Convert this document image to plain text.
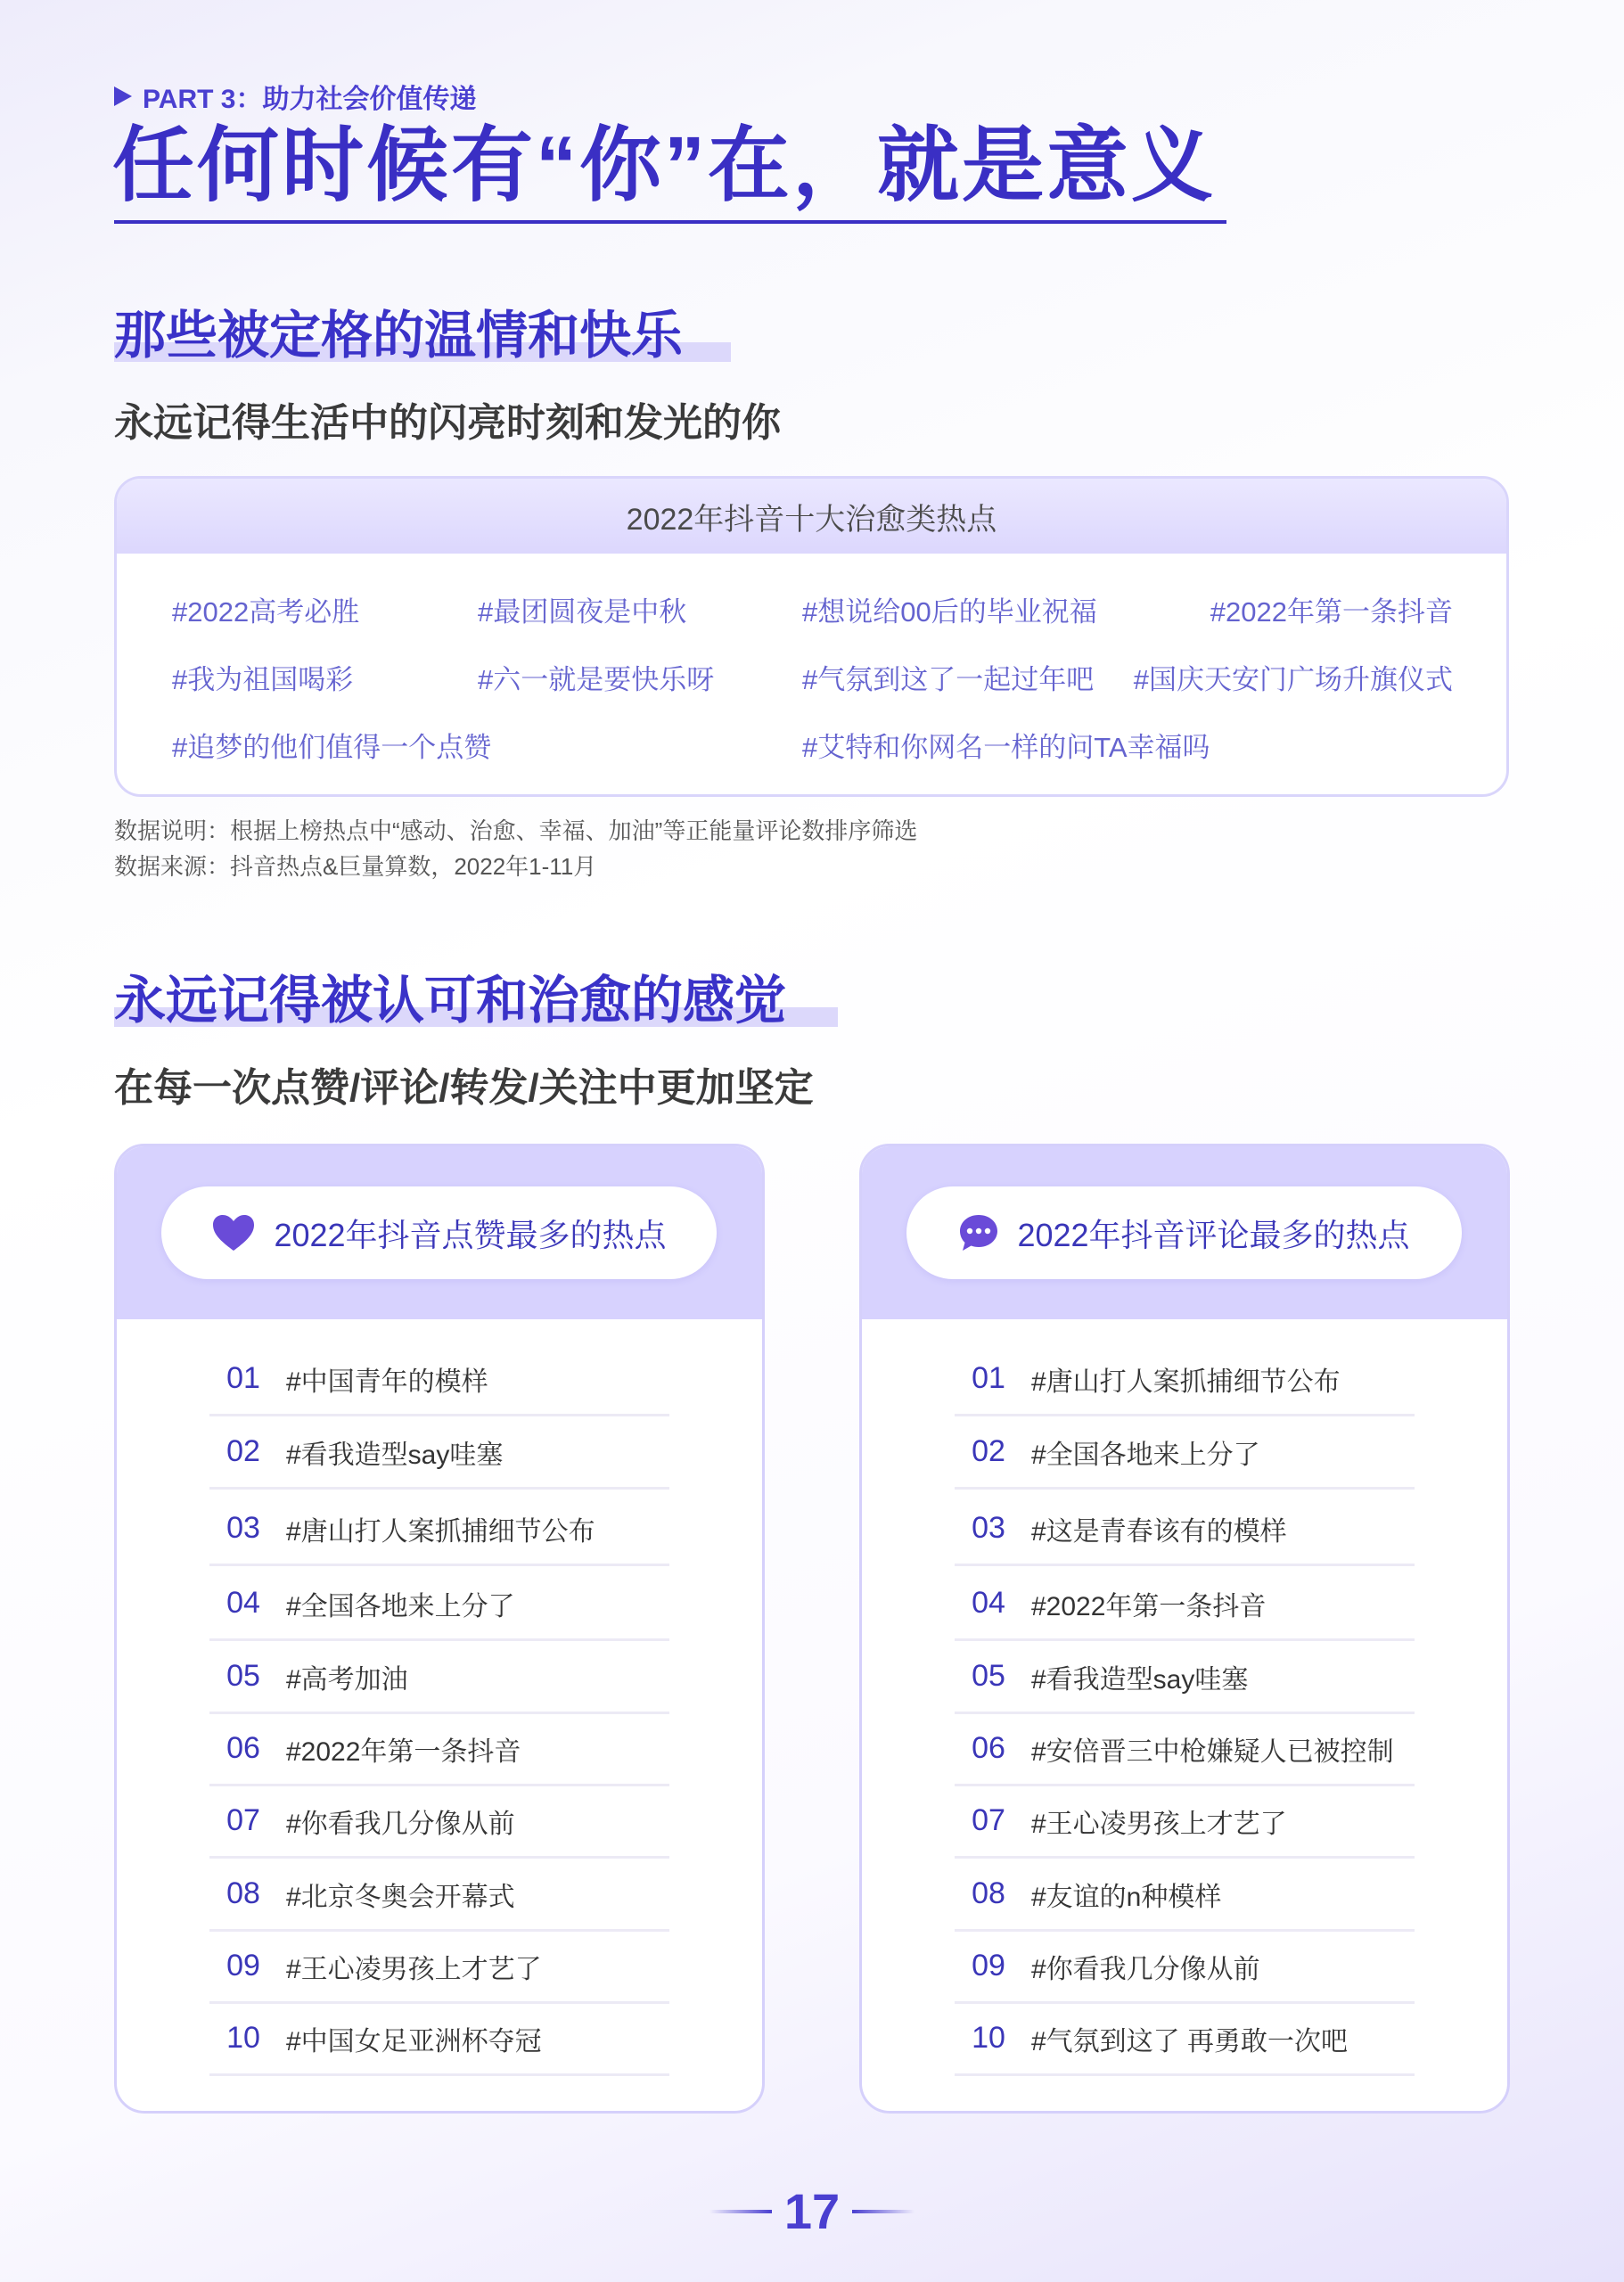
PART 3：助力社会价值传递
任何时候有“你”在，就是意义
那些被定格的温情和快乐
永远记得生活中的闪亮时刻和发光的你
2022年抖音十大治愈类热点
#2022高考必胜	#最团圆夜是中秋	#想说给00后的毕业祝福	#2022年第一条抖音
#我为祖国喝彩	#六一就是要快乐呀	#气氛到这了一起过年吧 #国庆天安门广场升旗仪式
#追梦的他们值得一个点赞	#艾特和你网名一样的问TA幸福吗
数据说明：根据上榜热点中“感动、治愈、幸福、加油”等正能量评论数排序筛选
数据来源：抖音热点&巨量算数，2022年1-11月
永远记得被认可和治愈的感觉
在每一次点赞/评论/转发/关注中更加坚定
2022年抖音点赞最多的热点
01 #中国青年的模样
02 #看我造型say哇塞
03 #唐山打人案抓捕细节公布
04 #全国各地来上分了
05 #高考加油
06 #2022年第一条抖音
07 #你看我几分像从前
08 #北京冬奥会开幕式
09 #王心凌男孩上才艺了
10 #中国女足亚洲杯夺冠
2022年抖音评论最多的热点
01 #唐山打人案抓捕细节公布
02 #全国各地来上分了
03 #这是青春该有的模样
04 #2022年第一条抖音
05 #看我造型say哇塞
06 #安倍晋三中枪嫌疑人已被控制
07 #王心凌男孩上才艺了
08 #友谊的n种模样
09 #你看我几分像从前
10 #气氛到这了 再勇敢一次吧
17
